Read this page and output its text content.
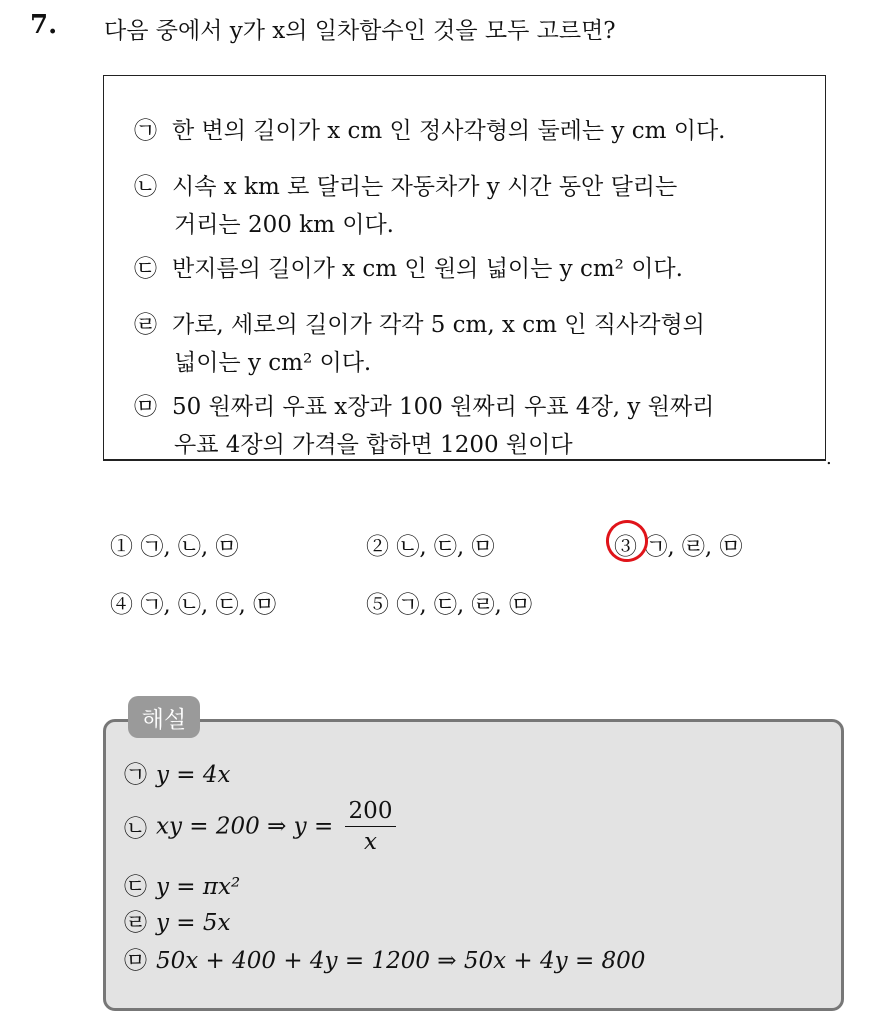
7. 다음 중에서 y가 x의 일차함수인 것을 모두 고르면?
㉠ 한 변의 길이가 x cm 인 정사각형의 둘레는 y cm 이다.
㉡ 시속 x km 로 달리는 자동차가 y 시간 동안 달리는
거리는 200 km 이다.
㉢ 반지름의 길이가 x cm 인 원의 넓이는 y cm² 이다.
㉣ 가로, 세로의 길이가 각각 5 cm, x cm 인 직사각형의
넓이는 y cm² 이다.
㉤ 50 원짜리 우표 x장과 100 원짜리 우표 4장, y 원짜리
우표 4장의 가격을 합하면 1200 원이다
.
① ㉠, ㉡, ㉤	② ㉡, ㉢, ㉤	③ ㉠, ㉣, ㉤
④ ㉠, ㉡, ㉢, ㉤	⑤ ㉠, ㉢, ㉣, ㉤
해설
㉠ y = 4x
㉡ xy = 200 ⇒ $y = \frac{200}{x}$
㉢ y = πx²
㉣ y = 5x
㉤ 50x + 400 + 4y = 1200 ⇒ 50x + 4y = 800
